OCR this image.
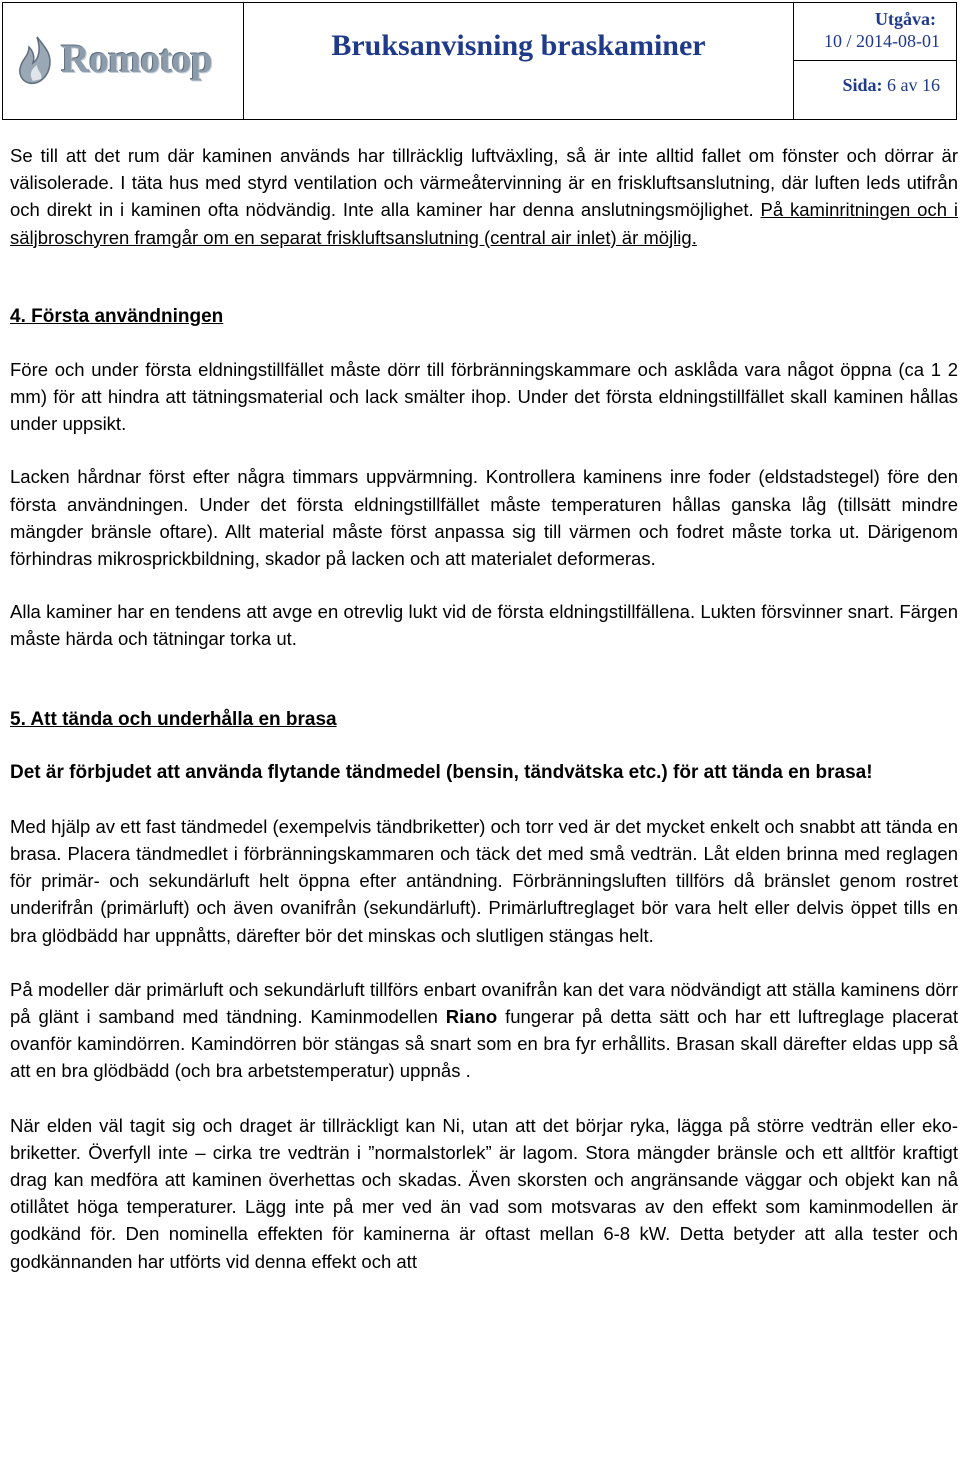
Romotop	Bruksanvisning braskaminer
Utgåva:
10 / 2014-08-01
Sida: 6 av 16

Se till att det rum där kaminen används har tillräcklig luftväxling, så är inte alltid fallet om fönster och dörrar är välisolerade. I täta hus med styrd ventilation och värmeåtervinning är en friskluftsanslutning, där luften leds utifrån och direkt in i kaminen ofta nödvändig. Inte alla kaminer har denna anslutningsmöjlighet. På kaminritningen och i säljbroschyren framgår om en separat friskluftsanslutning (central air inlet) är möjlig.

4. Första användningen

Före och under första eldningstillfället måste dörr till förbränningskammare och asklåda vara något öppna (ca 1 2 mm) för att hindra att tätningsmaterial och lack smälter ihop. Under det första eldningstillfället skall kaminen hållas under uppsikt.

Lacken hårdnar först efter några timmars uppvärmning. Kontrollera kaminens inre foder (eldstadstegel) före den första användningen. Under det första eldningstillfället måste temperaturen hållas ganska låg (tillsätt mindre mängder bränsle oftare). Allt material måste först anpassa sig till värmen och fodret måste torka ut. Därigenom förhindras mikrosprickbildning, skador på lacken och att materialet deformeras.

Alla kaminer har en tendens att avge en otrevlig lukt vid de första eldningstillfällena. Lukten försvinner snart. Färgen måste härda och tätningar torka ut.

5. Att tända och underhålla en brasa

Det är förbjudet att använda flytande tändmedel (bensin, tändvätska etc.) för att tända en brasa!

Med hjälp av ett fast tändmedel (exempelvis tändbriketter) och torr ved är det mycket enkelt och snabbt att tända en brasa. Placera tändmedlet i förbränningskammaren och täck det med små vedträn. Låt elden brinna med reglagen för primär- och sekundärluft helt öppna efter antändning. Förbränningsluften tillförs då bränslet genom rostret underifrån (primärluft) och även ovanifrån (sekundärluft). Primärluftreglaget bör vara helt eller delvis öppet tills en bra glödbädd har uppnåtts, därefter bör det minskas och slutligen stängas helt.

På modeller där primärluft och sekundärluft tillförs enbart ovanifrån kan det vara nödvändigt att ställa kaminens dörr på glänt i samband med tändning. Kaminmodellen Riano fungerar på detta sätt och har ett luftreglage placerat ovanför kamindörren. Kamindörren bör stängas så snart som en bra fyr erhållits. Brasan skall därefter eldas upp så att en bra glödbädd (och bra arbetstemperatur) uppnås .

När elden väl tagit sig och draget är tillräckligt kan Ni, utan att det börjar ryka, lägga på större vedträn eller eko-briketter. Överfyll inte – cirka tre vedträn i ”normalstorlek” är lagom. Stora mängder bränsle och ett alltför kraftigt drag kan medföra att kaminen överhettas och skadas. Även skorsten och angränsande väggar och objekt kan nå otillåtet höga temperaturer. Lägg inte på mer ved än vad som motsvaras av den effekt som kaminmodellen är godkänd för. Den nominella effekten för kaminerna är oftast mellan 6-8 kW. Detta betyder att alla tester och godkännanden har utförts vid denna effekt och att
